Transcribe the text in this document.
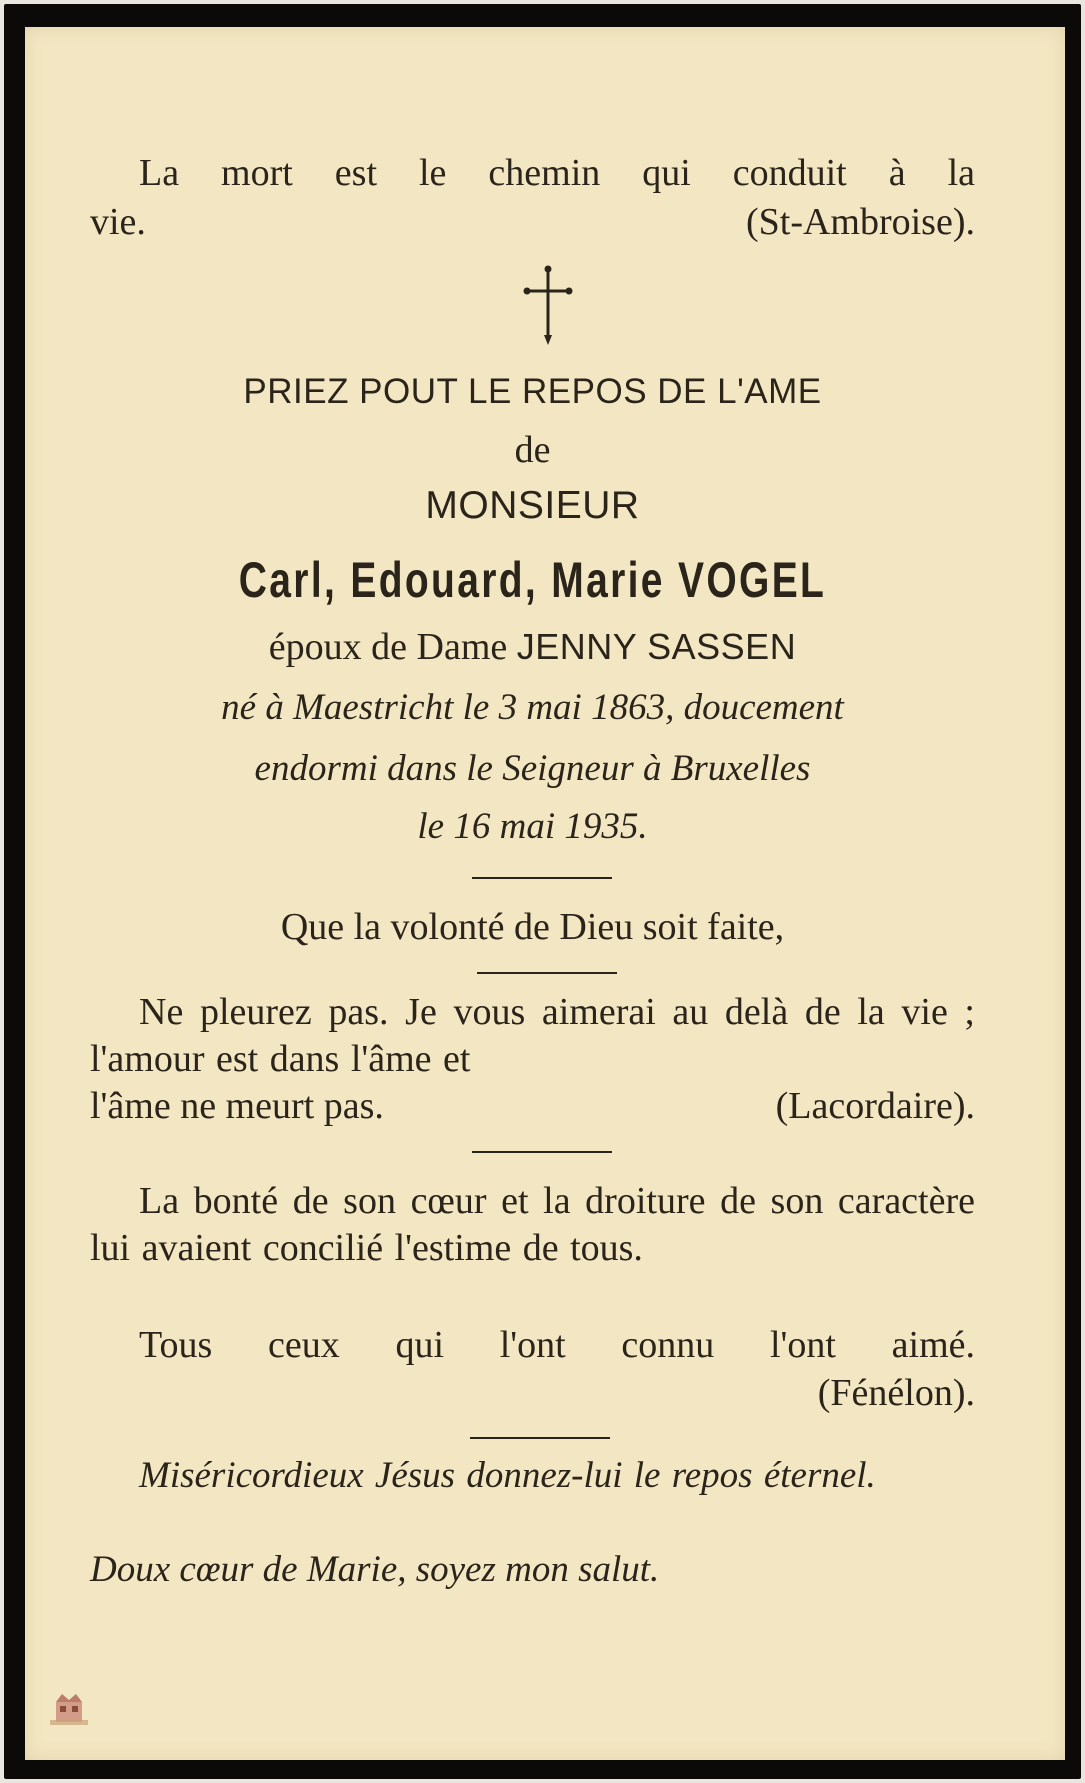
La mort est le chemin qui conduit à la
vie.	(St-Ambroise).
PRIEZ POUT LE REPOS DE L'AME
de
MONSIEUR
Carl, Edouard, Marie VOGEL
époux de Dame JENNY SASSEN
né à Maestricht le 3 mai 1863, doucement
endormi dans le Seigneur à Bruxelles
le 16 mai 1935.
Que la volonté de Dieu soit faite,
Ne pleurez pas. Je vous aimerai au delà de la vie ; l'amour est dans l'âme et
l'âme ne meurt pas.	(Lacordaire).
La bonté de son cœur et la droiture de son caractère lui avaient concilié l'estime de tous.
Tous ceux qui l'ont connu l'ont aimé.
(Fénélon).
Miséricordieux Jésus donnez-lui le repos éternel.
Doux cœur de Marie, soyez mon salut.
